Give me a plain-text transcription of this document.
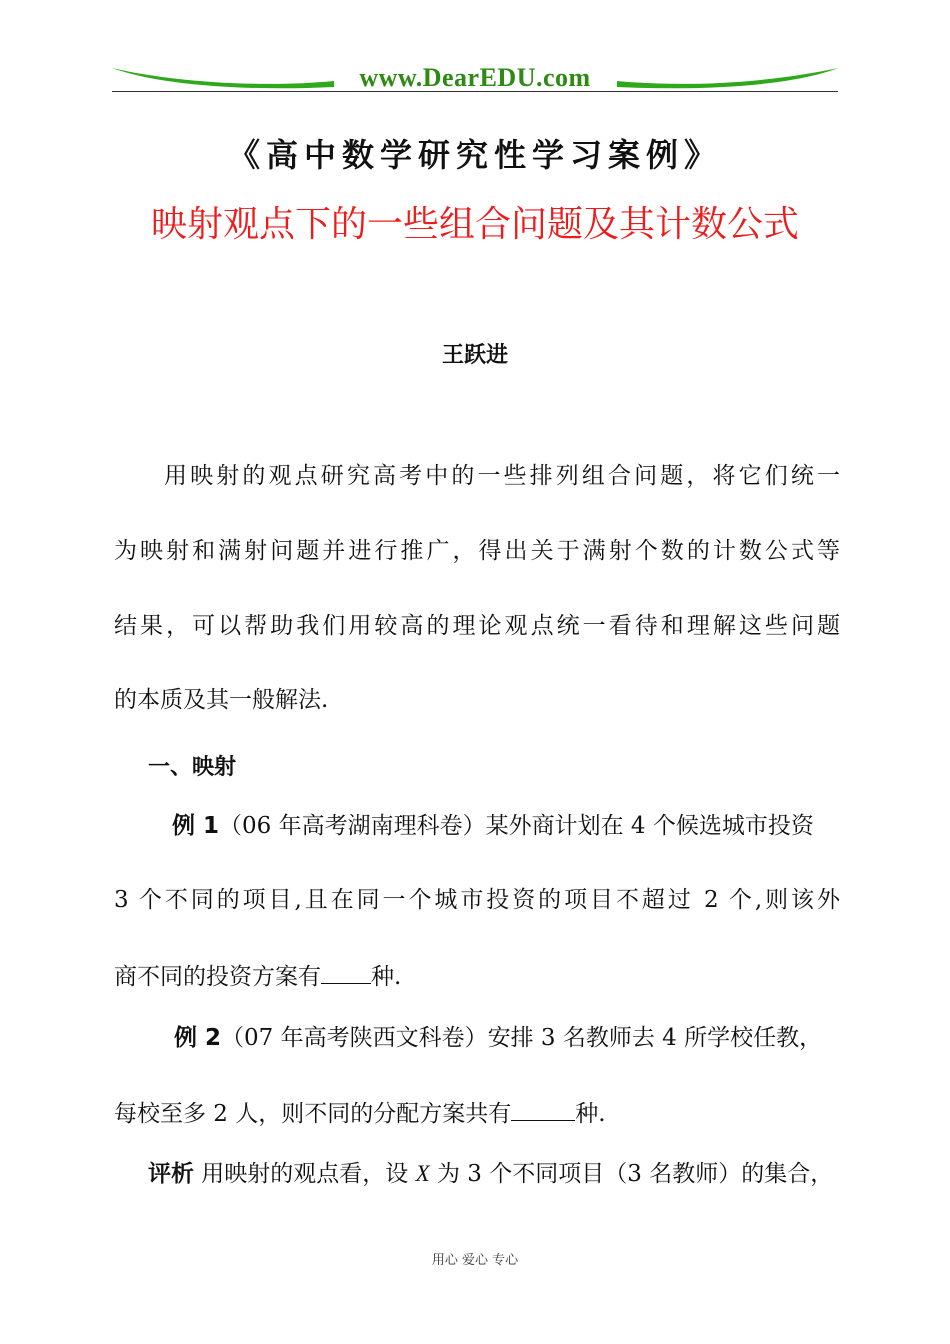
www.DearEDU.com
《高中数学研究性学习案例》
映射观点下的一些组合问题及其计数公式
王跃进
用映射的观点研究高考中的一些排列组合问题，将它们统一
为映射和满射问题并进行推广，得出关于满射个数的计数公式等
结果，可以帮助我们用较高的理论观点统一看待和理解这些问题
的本质及其一般解法.
一、映射
例 1（06 年高考湖南理科卷）某外商计划在 4 个候选城市投资
3 个不同的项目,且在同一个城市投资的项目不超过 2 个,则该外
商不同的投资方案有 种.
例 2（07 年高考陕西文科卷）安排 3 名教师去 4 所学校任教，
每校至多 2 人，则不同的分配方案共有	种.
评析 用映射的观点看，设 X 为 3 个不同项目（3 名教师）的集合，
用心 爱心 专心
